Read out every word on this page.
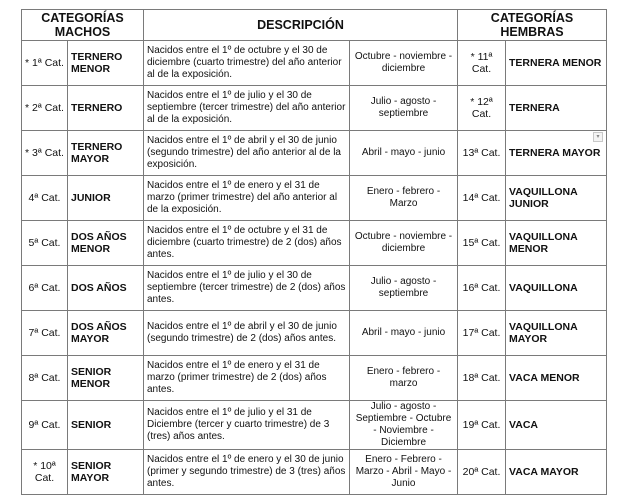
CATEGORÍAS MACHOS		DESCRIPCIÓN		CATEGORÍAS HEMBRAS	
* 1ª Cat.	TERNERO MENOR	Nacidos entre el 1º de octubre y el 30 de diciembre (cuarto trimestre) del año anterior al de la exposición.	Octubre - noviembre - diciembre	* 11ª Cat.	TERNERA MENOR
* 2ª Cat.	TERNERO	Nacidos entre el 1º de julio y el 30 de septiembre (tercer trimestre) del año anterior al de la exposición.	Julio - agosto - septiembre	* 12ª Cat.	TERNERA
* 3ª Cat.	TERNERO MAYOR	Nacidos entre el 1º de abril y el 30 de junio (segundo trimestre) del año anterior al de la exposición.	Abril - mayo - junio	13ª Cat.	TERNERA MAYOR
4ª Cat.	JUNIOR	Nacidos entre el 1º de enero y el 31 de marzo (primer trimestre) del año anterior al de la exposición.	Enero - febrero - Marzo	14ª Cat.	VAQUILLONA JUNIOR
5ª Cat.	DOS AÑOS MENOR	Nacidos entre el 1º de octubre y el 31 de diciembre (cuarto trimestre) de 2 (dos) años antes.	Octubre - noviembre - diciembre	15ª Cat.	VAQUILLONA MENOR
6ª Cat.	DOS AÑOS	Nacidos entre el 1º de julio y el 30 de septiembre (tercer trimestre) de 2 (dos) años antes.	Julio - agosto - septiembre	16ª Cat.	VAQUILLONA
7ª Cat.	DOS AÑOS MAYOR	Nacidos entre el 1º de abril y el 30 de junio (segundo trimestre) de 2 (dos) años antes.	Abril - mayo - junio	17ª Cat.	VAQUILLONA MAYOR
8ª Cat.	SENIOR MENOR	Nacidos entre el 1º de enero y el 31 de marzo (primer trimestre) de 2 (dos) años antes.	Enero - febrero - marzo	18ª Cat.	VACA MENOR
9ª Cat.	SENIOR	Nacidos entre el 1º de julio y el 31 de Diciembre (tercer y cuarto trimestre) de 3 (tres) años antes.	Julio - agosto - Septiembre - Octubre - Noviembre - Diciembre	19ª Cat.	VACA
* 10ª Cat.	SENIOR MAYOR	Nacidos entre el 1º de enero y el 30 de junio (primer y segundo trimestre) de 3 (tres) años antes.	Enero - Febrero - Marzo - Abril - Mayo - Junio	20ª Cat.	VACA MAYOR
▾
